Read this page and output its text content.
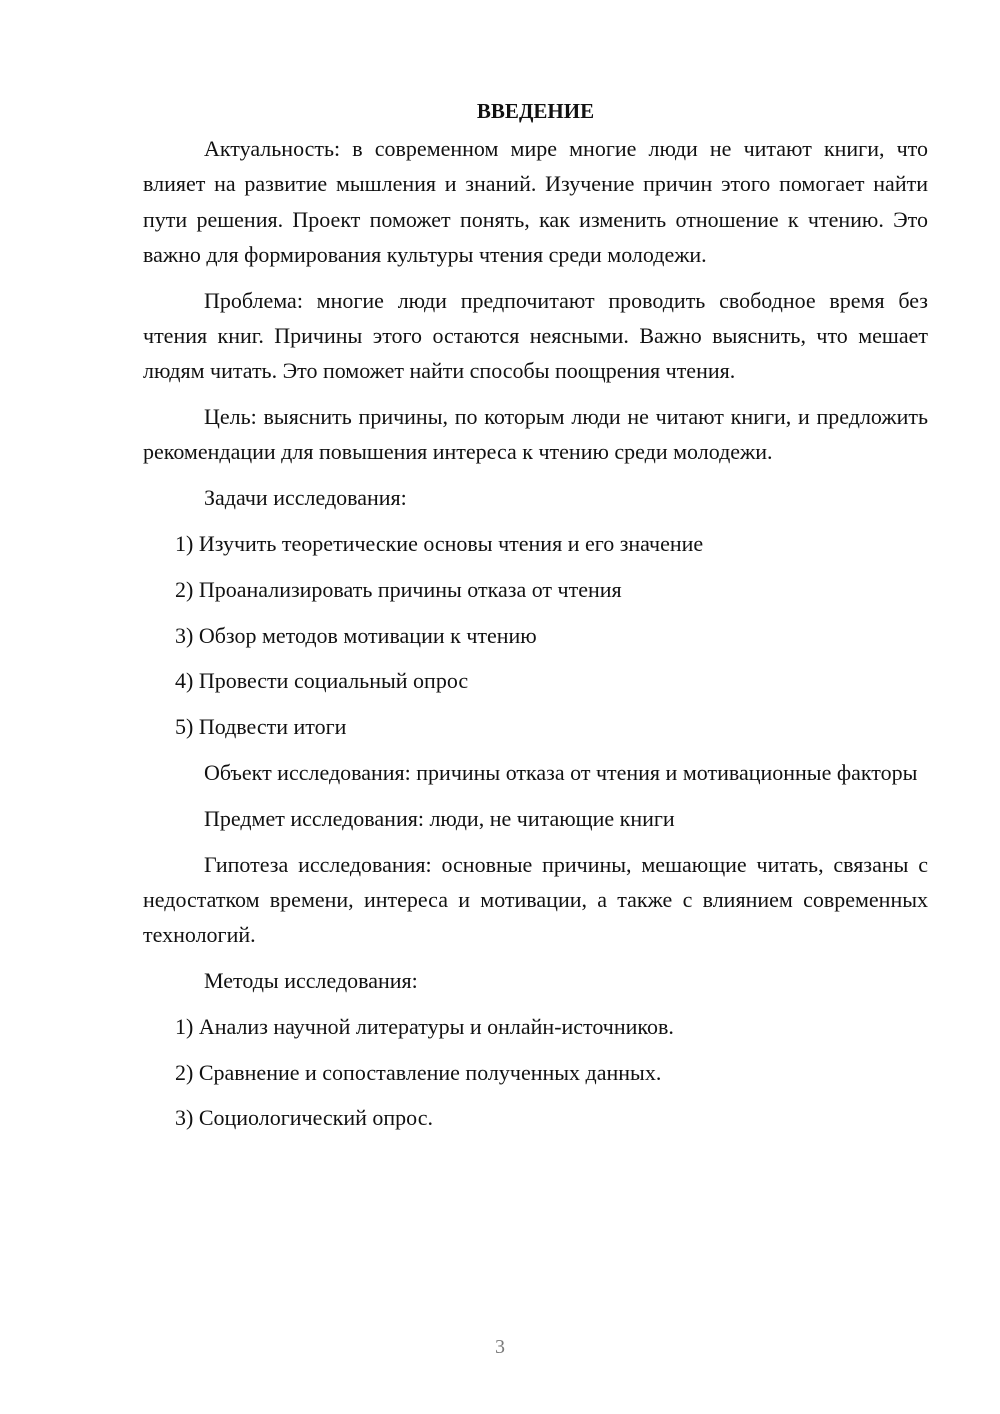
ВВЕДЕНИЕ

Актуальность: в современном мире многие люди не читают книги, что влияет на развитие мышления и знаний. Изучение причин этого помогает найти пути решения. Проект поможет понять, как изменить отношение к чтению. Это важно для формирования культуры чтения среди молодежи.

Проблема: многие люди предпочитают проводить свободное время без чтения книг. Причины этого остаются неясными. Важно выяснить, что мешает людям читать. Это поможет найти способы поощрения чтения.

Цель: выяснить причины, по которым люди не читают книги, и предложить рекомендации для повышения интереса к чтению среди молодежи.

Задачи исследования:

1) Изучить теоретические основы чтения и его значение
2) Проанализировать причины отказа от чтения
3) Обзор методов мотивации к чтению
4) Провести социальный опрос
5) Подвести итоги

Объект исследования: причины отказа от чтения и мотивационные факторы

Предмет исследования: люди, не читающие книги

Гипотеза исследования: основные причины, мешающие читать, связаны с недостатком времени, интереса и мотивации, а также с влиянием современных технологий.

Методы исследования:

1) Анализ научной литературы и онлайн-источников.
2) Сравнение и сопоставление полученных данных.
3) Социологический опрос.
3
